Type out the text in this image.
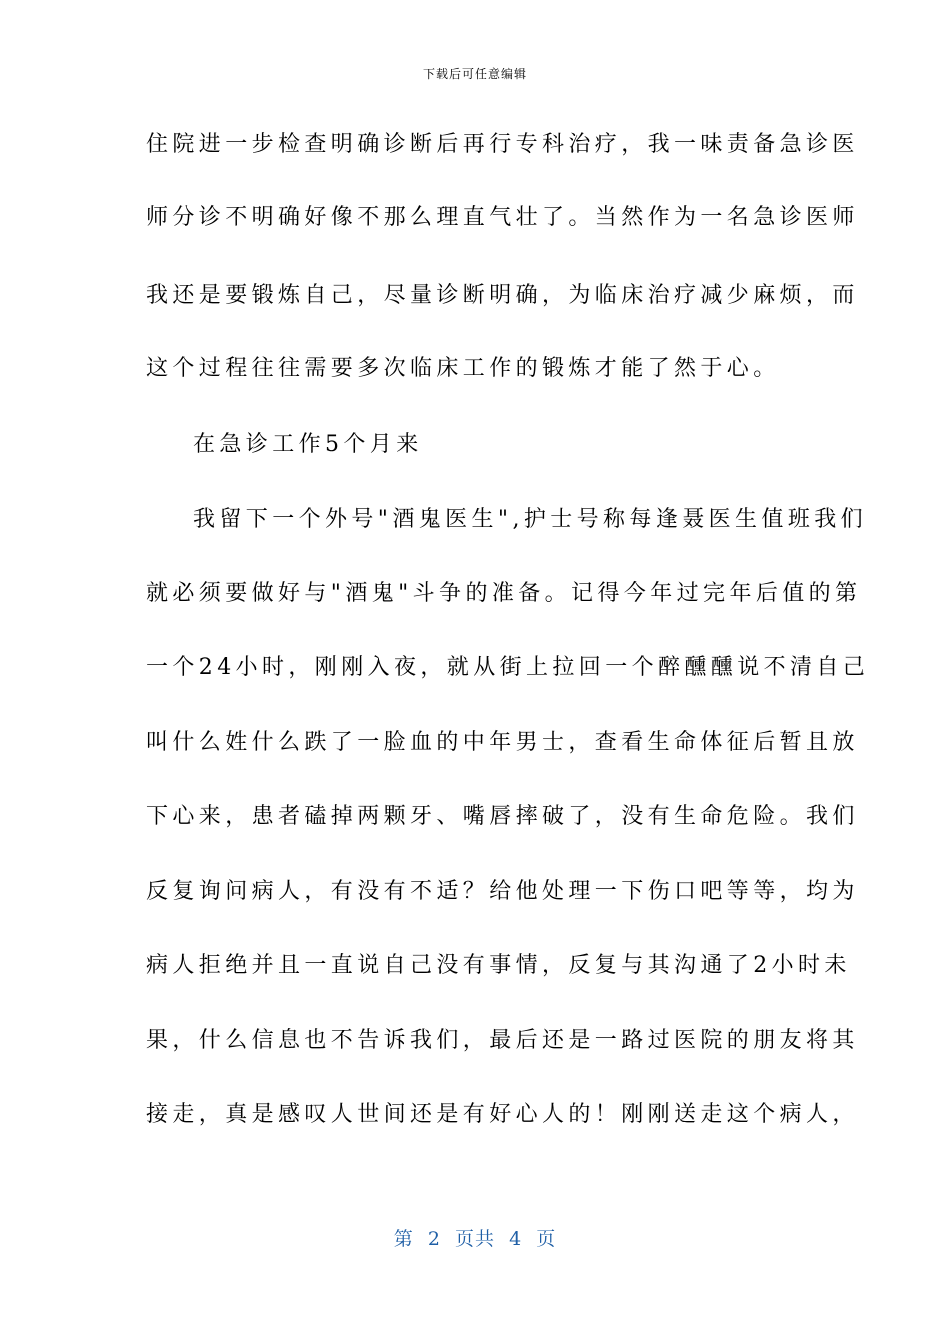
下载后可任意编辑
住院进一步检查明确诊断后再行专科治疗，我一味责备急诊医
师分诊不明确好像不那么理直气壮了。当然作为一名急诊医师
我还是要锻炼自己，尽量诊断明确，为临床治疗减少麻烦，而
这个过程往往需要多次临床工作的锻炼才能了然于心。
在急诊工作5个月来
我留下一个外号"酒鬼医生",护士号称每逢聂医生值班我们
就必须要做好与"酒鬼"斗争的准备。记得今年过完年后值的第
一个24小时，刚刚入夜，就从街上拉回一个醉醺醺说不清自己
叫什么姓什么跌了一脸血的中年男士，查看生命体征后暂且放
下心来，患者磕掉两颗牙、嘴唇摔破了，没有生命危险。我们
反复询问病人，有没有不适？给他处理一下伤口吧等等，均为
病人拒绝并且一直说自己没有事情，反复与其沟通了2小时未
果，什么信息也不告诉我们，最后还是一路过医院的朋友将其
接走，真是感叹人世间还是有好心人的！刚刚送走这个病人，
第  2  页共  4  页
